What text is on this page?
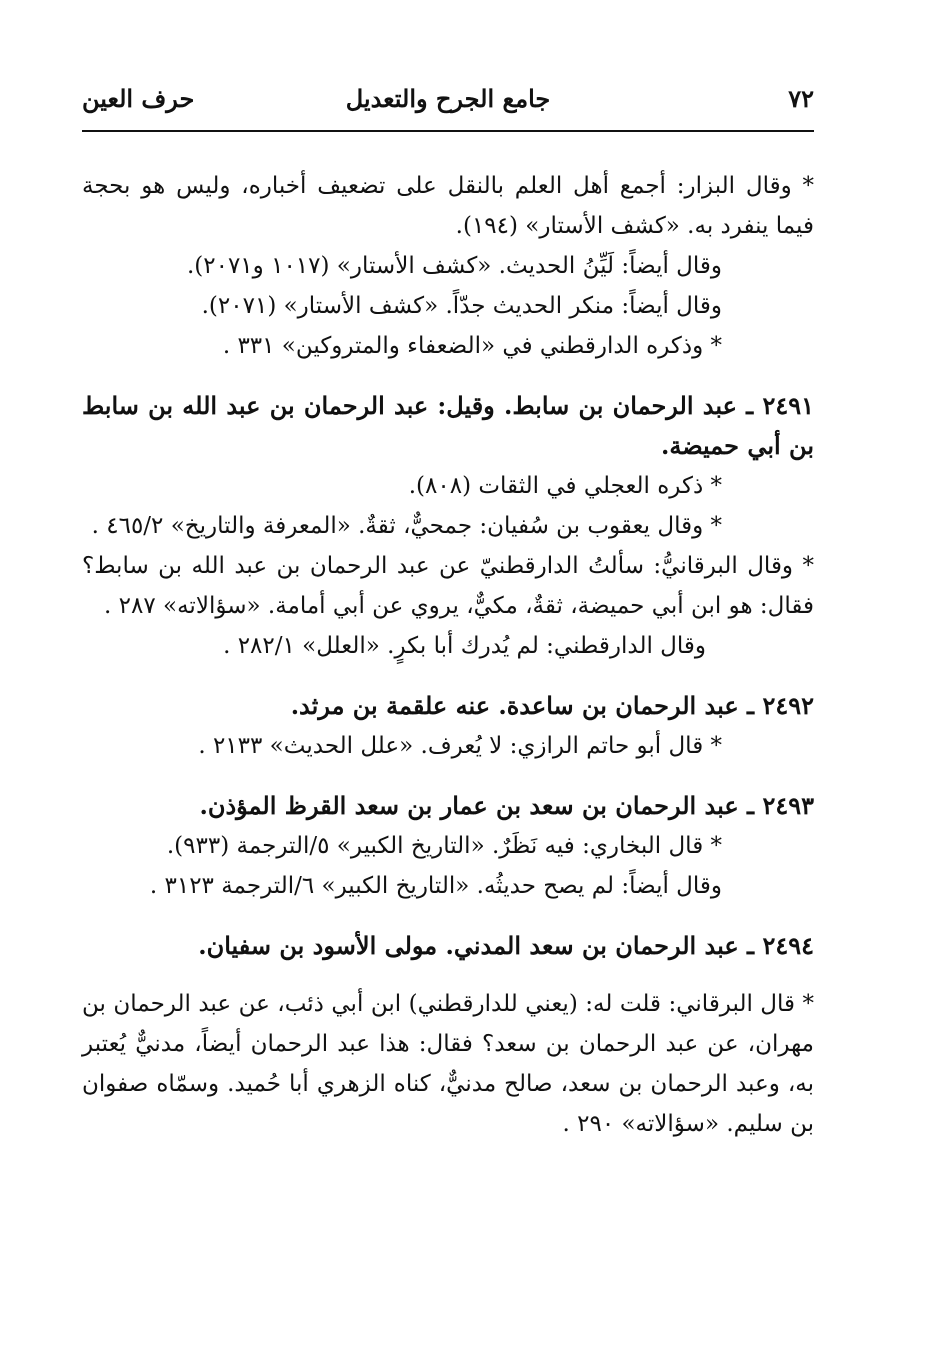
٧٢
جامع الجرح والتعديل
حرف العين

* وقال البزار: أجمع أهل العلم بالنقل على تضعيف أخباره، وليس هو بحجة فيما ينفرد به. «كشف الأستار» (١٩٤).

وقال أيضاً: لَيِّنُ الحديث. «كشف الأستار» (١٠١٧ و٢٠٧١).

وقال أيضاً: منكر الحديث جدّاً. «كشف الأستار» (٢٠٧١).

* وذكره الدارقطني في «الضعفاء والمتروكين» ٣٣١ .

٢٤٩١ ـ عبد الرحمان بن سابط. وقيل: عبد الرحمان بن عبد الله بن سابط بن أبي حميضة.

* ذكره العجلي في الثقات (٨٠٨).

* وقال يعقوب بن سُفيان: جمحيٌّ، ثقةٌ. «المعرفة والتاريخ» ٤٦٥/٢ .

* وقال البرقانيُّ: سألتُ الدارقطنيّ عن عبد الرحمان بن عبد الله بن سابط؟ فقال: هو ابن أبي حميضة، ثقةٌ، مكيٌّ، يروي عن أبي أمامة. «سؤالاته» ٢٨٧ .

وقال الدارقطني: لم يُدرك أبا بكرٍ. «العلل» ٢٨٢/١ .

٢٤٩٢ ـ عبد الرحمان بن ساعدة. عنه علقمة بن مرثد.

* قال أبو حاتم الرازي: لا يُعرف. «علل الحديث» ٢١٣٣ .

٢٤٩٣ ـ عبد الرحمان بن سعد بن عمار بن سعد القرظ المؤذن.

* قال البخاري: فيه نَظَرٌ. «التاريخ الكبير» ٥/الترجمة (٩٣٣).

وقال أيضاً: لم يصح حديثُه. «التاريخ الكبير» ٦/الترجمة ٣١٢٣ .

٢٤٩٤ ـ عبد الرحمان بن سعد المدني. مولى الأسود بن سفيان.

* قال البرقاني: قلت له: (يعني للدارقطني) ابن أبي ذئب، عن عبد الرحمان بن مهران، عن عبد الرحمان بن سعد؟ فقال: هذا عبد الرحمان أيضاً، مدنيٌّ يُعتبر به، وعبد الرحمان بن سعد، صالح مدنيٌّ، كناه الزهري أبا حُميد. وسمّاه صفوان بن سليم. «سؤالاته» ٢٩٠ .
